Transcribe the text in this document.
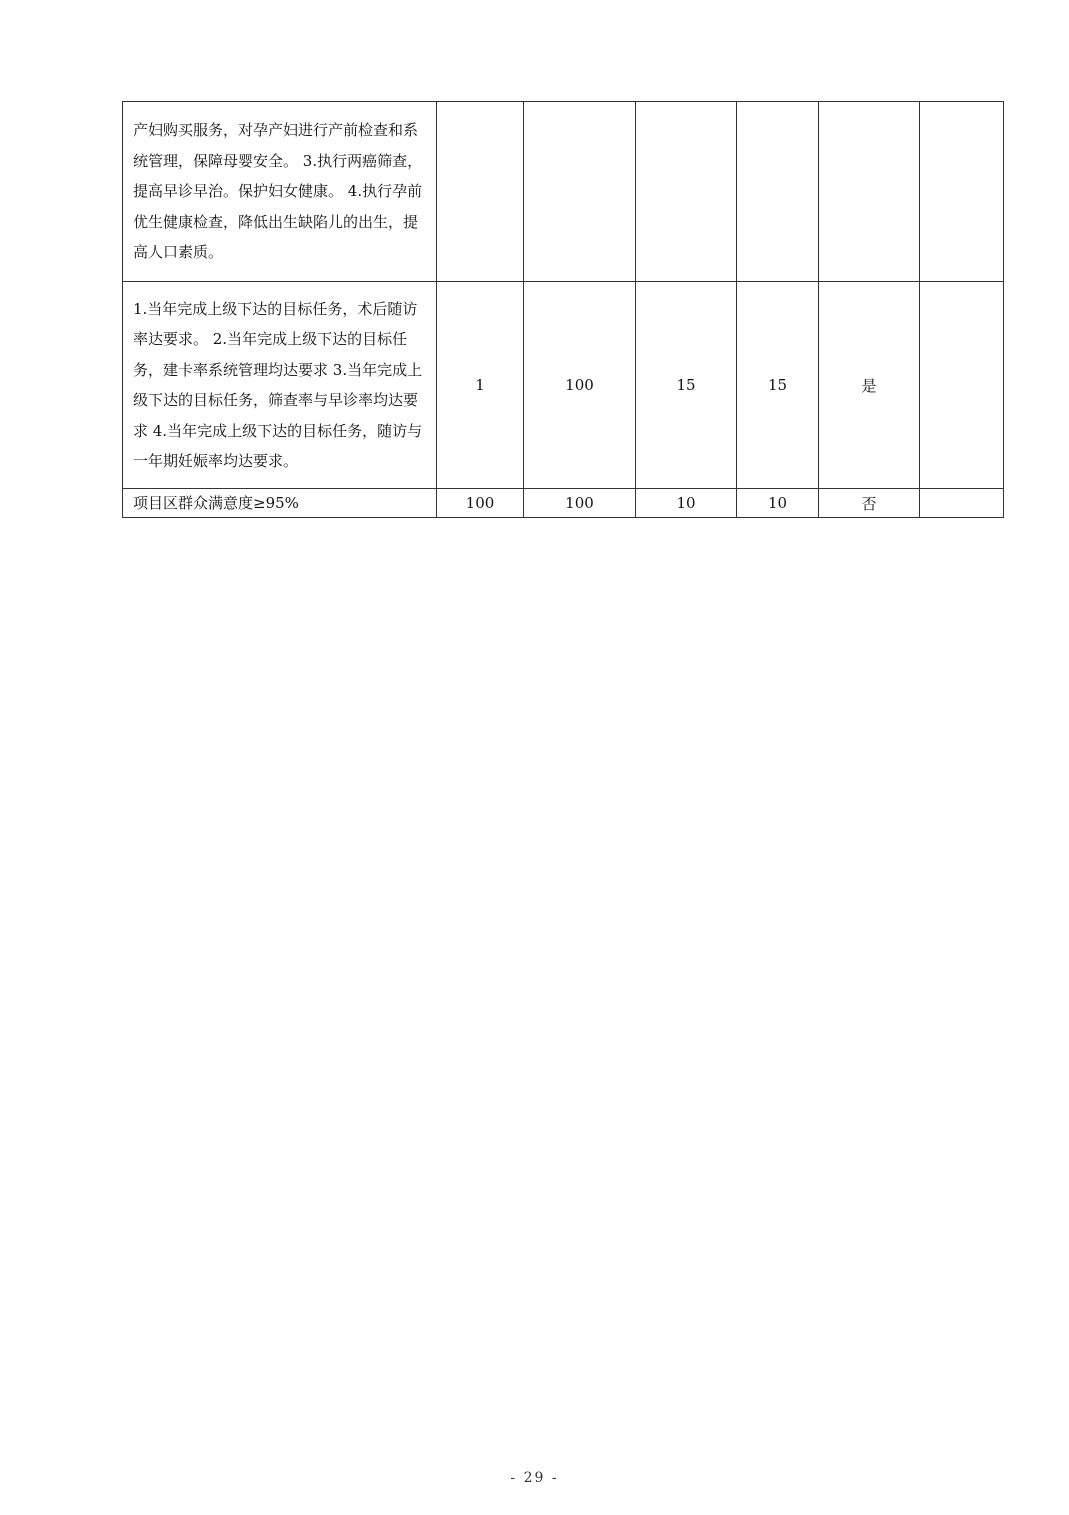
产妇购买服务，对孕产妇进行产前检查和系统管理，保障母婴安全。 3.执行两癌筛查，提高早诊早治。保护妇女健康。 4.执行孕前优生健康检查，降低出生缺陷儿的出生，提高人口素质。						
1.当年完成上级下达的目标任务，术后随访率达要求。 2.当年完成上级下达的目标任务，建卡率系统管理均达要求 3.当年完成上级下达的目标任务，筛查率与早诊率均达要求 4.当年完成上级下达的目标任务，随访与一年期妊娠率均达要求。	1	100	15	15	是	
项目区群众满意度≥95%	100	100	10	10	否	
- 29 -
